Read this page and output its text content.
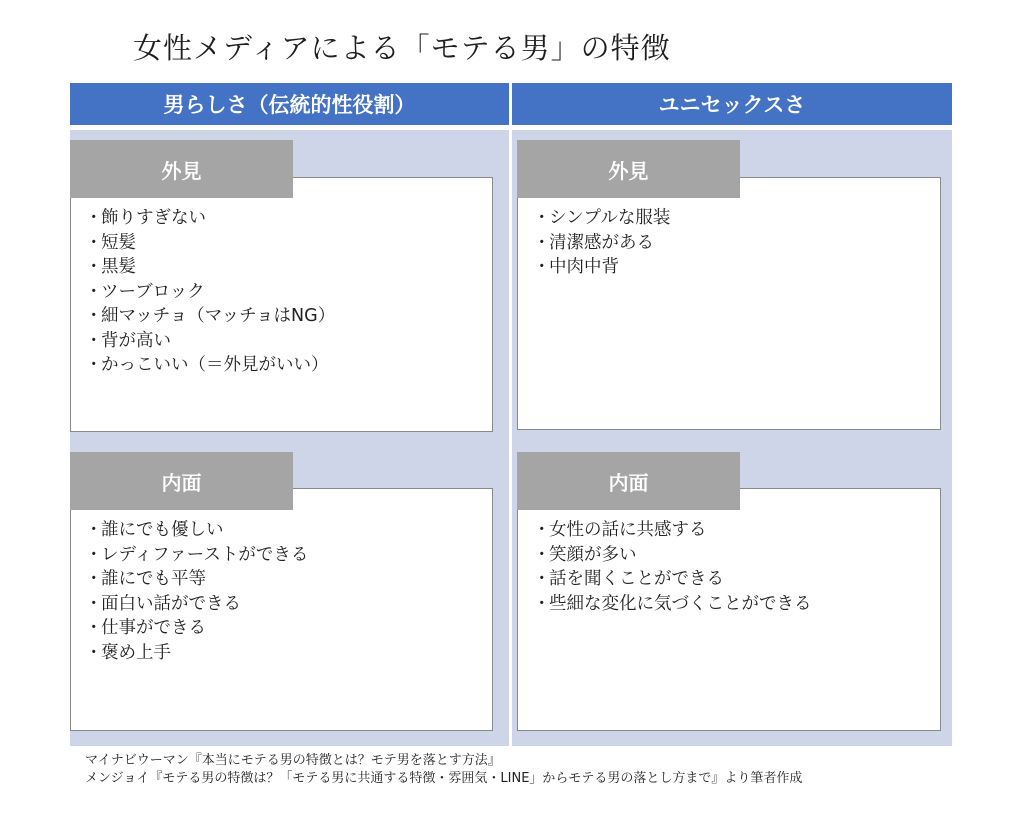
女性メディアによる「モテる男」の特徴
男らしさ（伝統的性役割）	ユニセックスさ
外見
・飾りすぎない
・短髪
・黒髪
・ツーブロック
・細マッチョ（マッチョはNG）
・背が高い
・かっこいい（＝外見がいい）
内面
・誰にでも優しい
・レディファーストができる
・誰にでも平等
・面白い話ができる
・仕事ができる
・褒め上手
外見
・シンプルな服装
・清潔感がある
・中肉中背
内面
・女性の話に共感する
・笑顔が多い
・話を聞くことができる
・些細な変化に気づくことができる
マイナビウーマン『本当にモテる男の特徴とは？モテ男を落とす方法』
メンジョイ『モテる男の特徴は？「モテる男に共通する特徴・雰囲気・LINE」からモテる男の落とし方まで』より筆者作成
